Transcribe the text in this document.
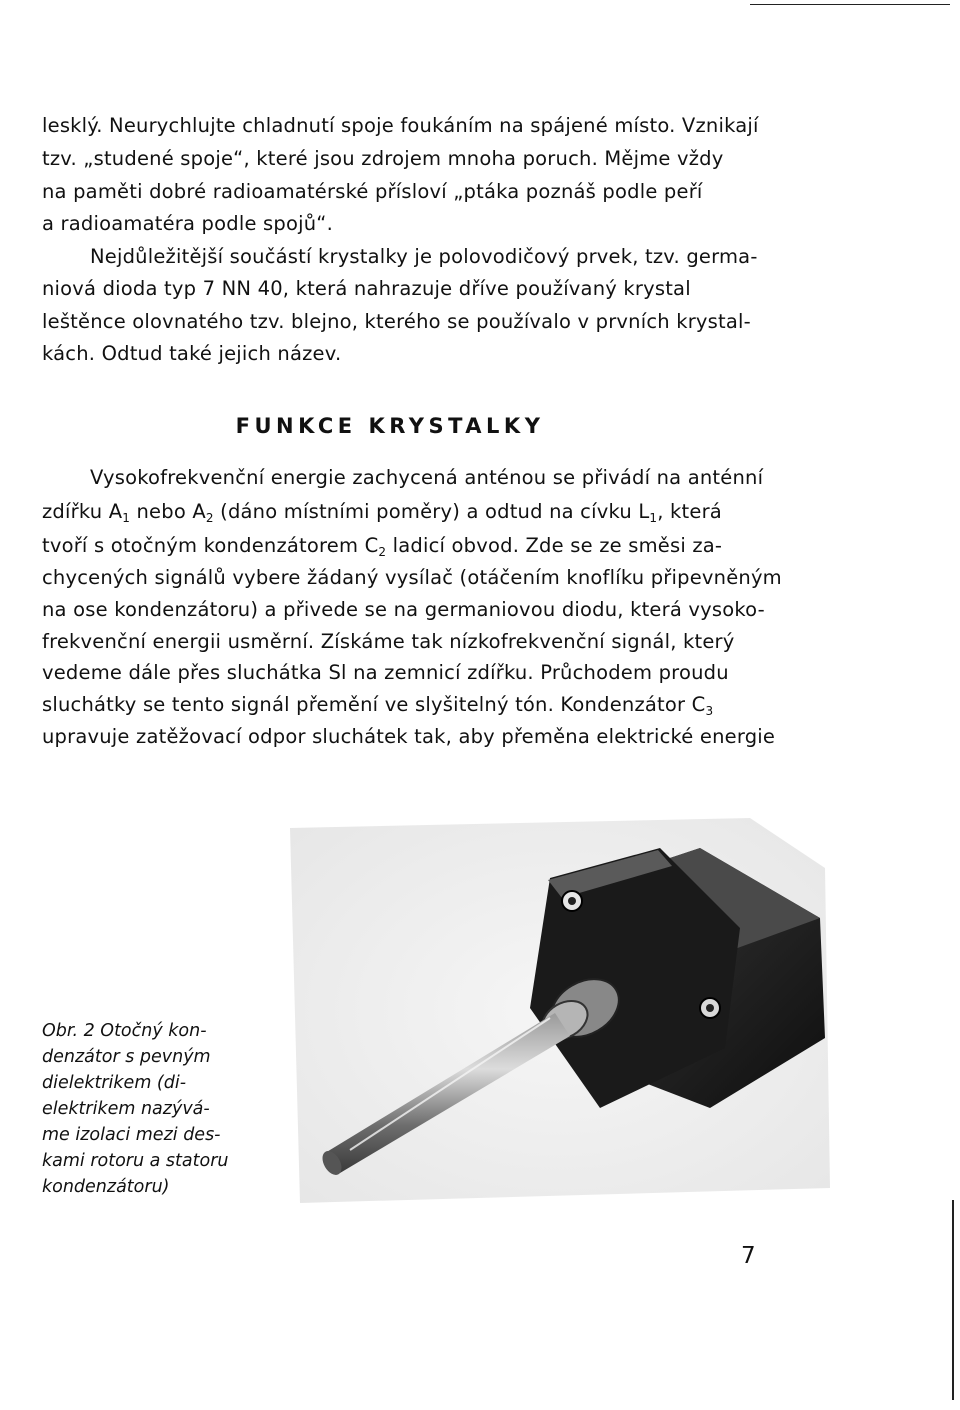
lesklý. Neurychlujte chladnutí spoje foukáním na spájené místo. Vznikají
tzv. „studené spoje“, které jsou zdrojem mnoha poruch. Mějme vždy
na paměti dobré radioamatérské přísloví „ptáka poznáš podle peří
a radioamatéra podle spojů“.
Nejdůležitější součástí krystalky je polovodičový prvek, tzv. germa-
niová dioda typ 7 NN 40, která nahrazuje dříve používaný krystal
leštěnce olovnatého tzv. blejno, kterého se používalo v prvních krystal-
kách. Odtud také jejich název.
FUNKCE KRYSTALKY
Vysokofrekvenční energie zachycená anténou se přivádí na anténní
zdířku $A_1$ nebo $A_2$ (dáno místními poměry) a odtud na cívku $L_1$, která
tvoří s otočným kondenzátorem $C_2$ ladicí obvod. Zde se ze směsi za-
chycených signálů vybere žádaný vysílač (otáčením knoflíku připevněným
na ose kondenzátoru) a přivede se na germaniovou diodu, která vysoko-
frekvenční energii usměrní. Získáme tak nízkofrekvenční signál, který
vedeme dále přes sluchátka Sl na zemnicí zdířku. Průchodem proudu
sluchátky se tento signál přemění ve slyšitelný tón. Kondenzátor $C_3$
upravuje zatěžovací odpor sluchátek tak, aby přeměna elektrické energie
Obr. 2 Otočný kon-
denzátor s pevným
dielektrikem (di-
elektrikem nazývá-
me izolaci mezi des-
kami rotoru a statoru
kondenzátoru)
7
